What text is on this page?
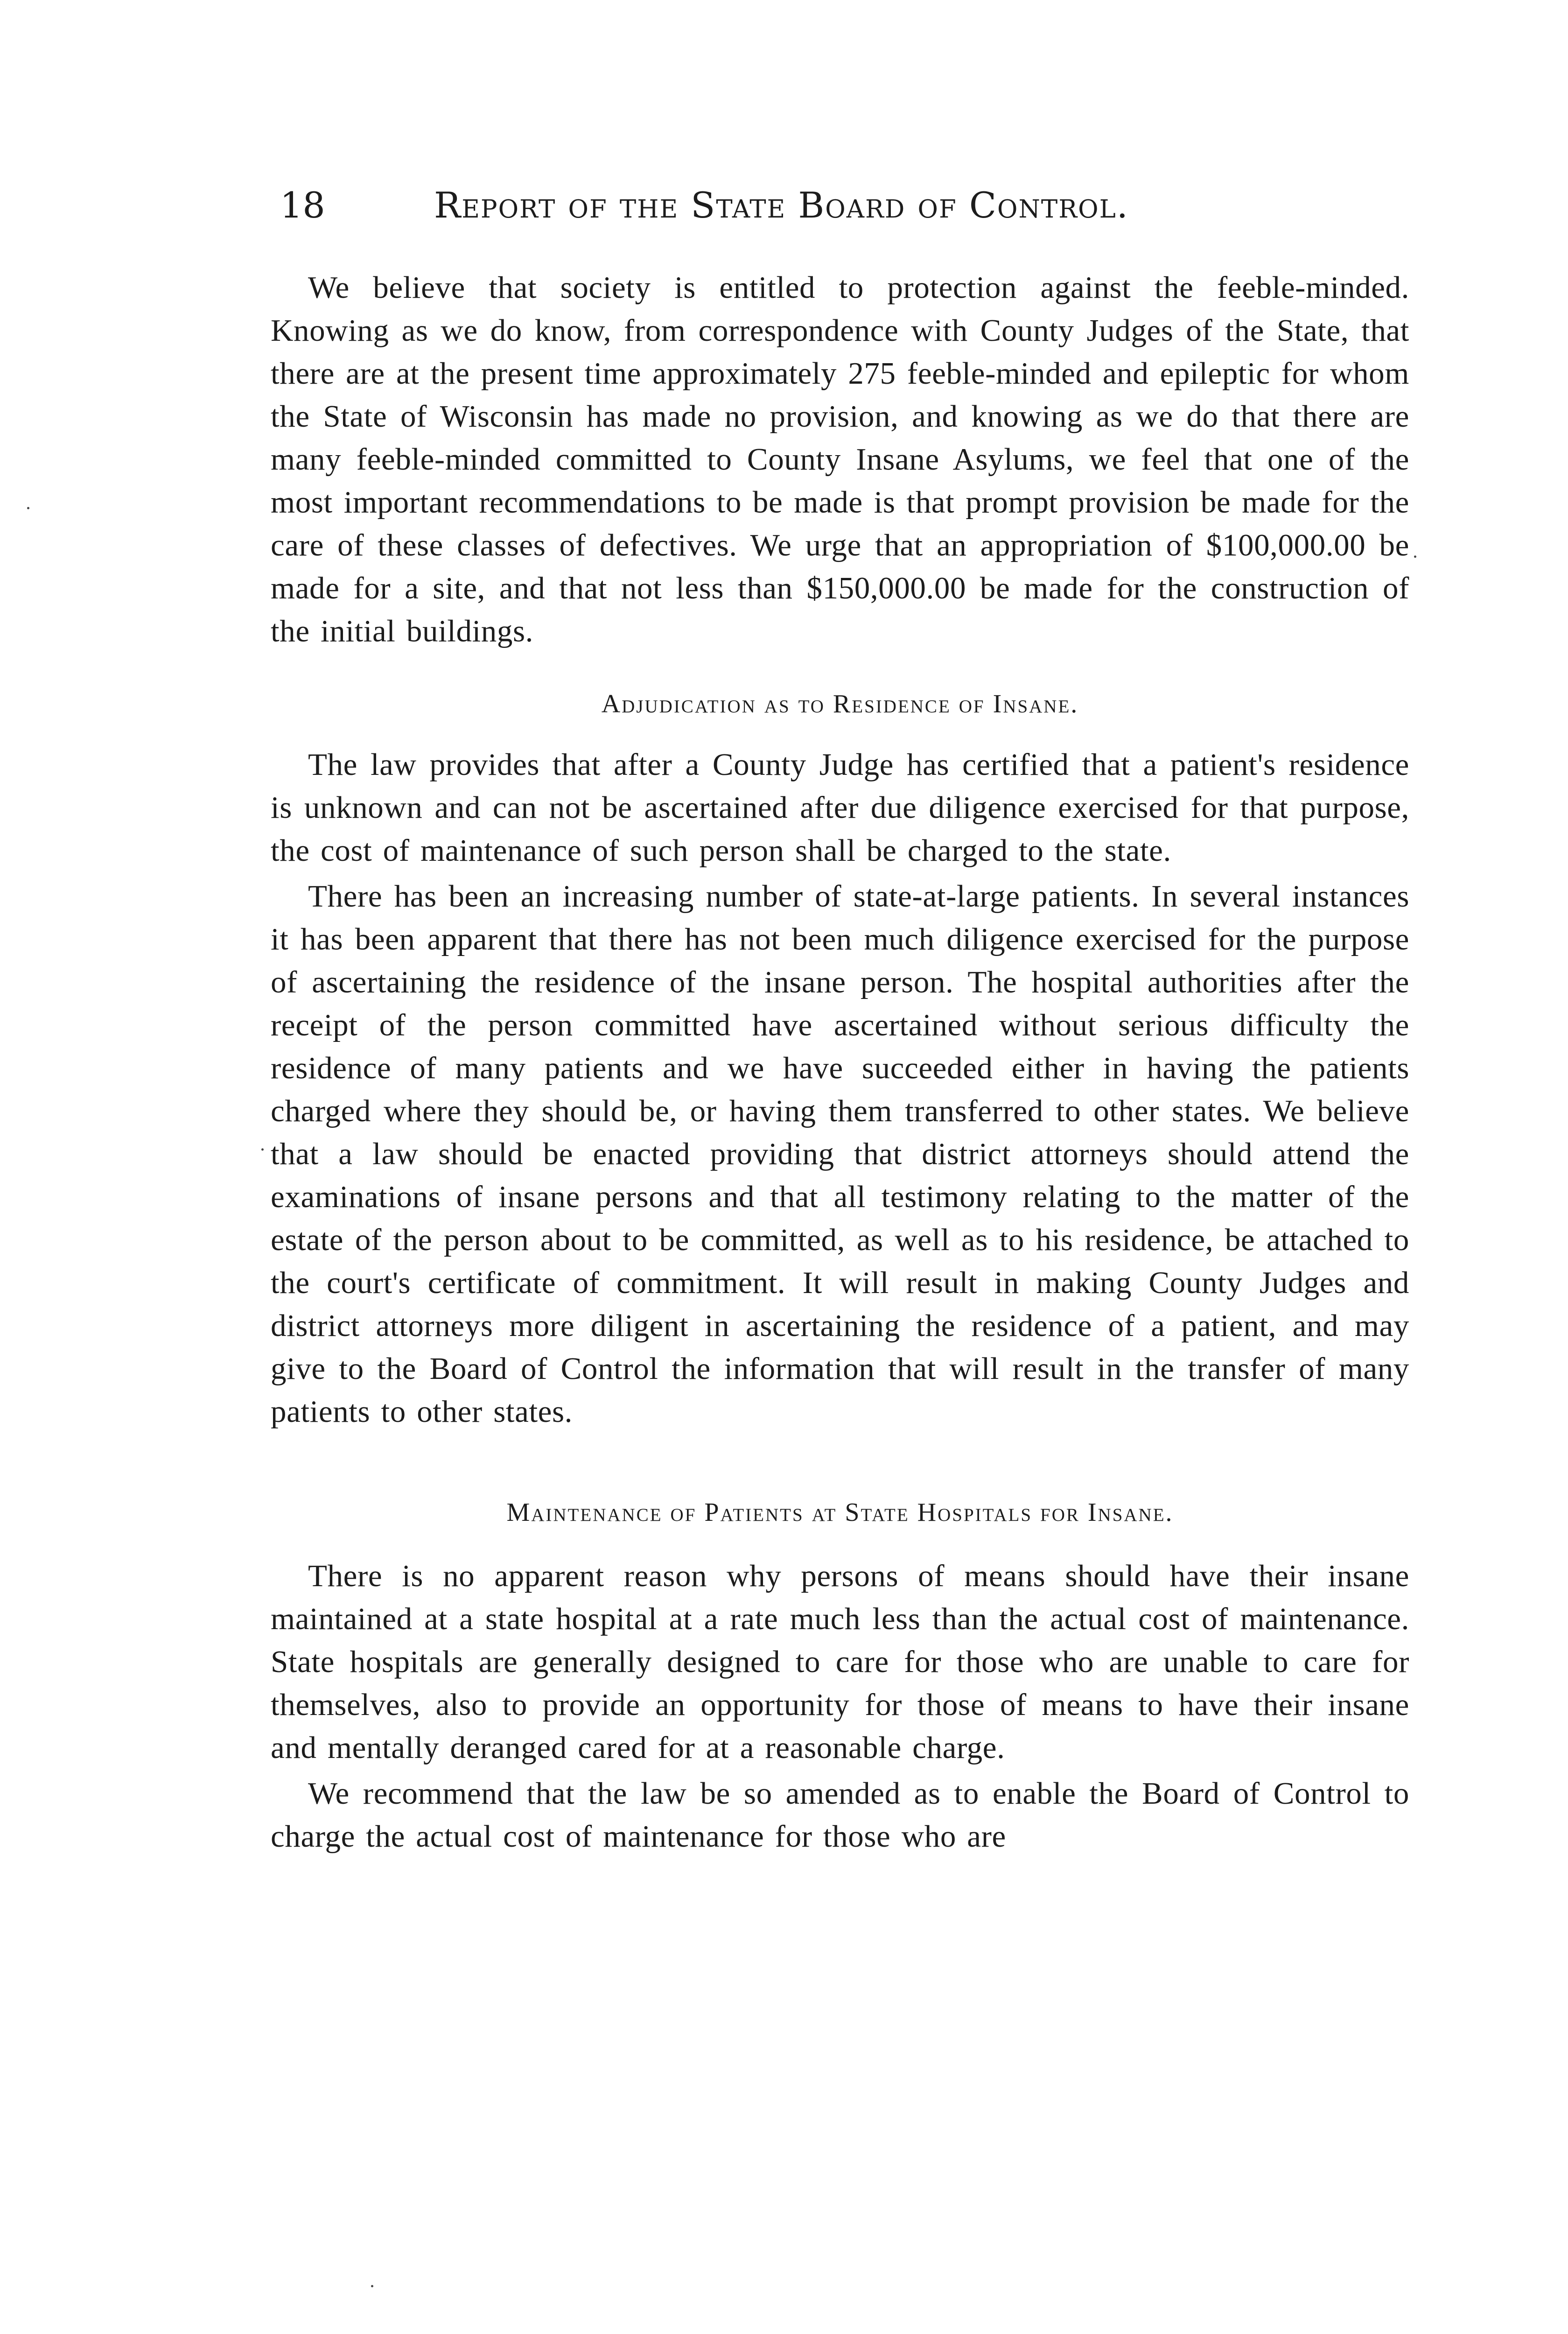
18	Report of the State Board of Control.

We believe that society is entitled to protection against the feeble-minded. Knowing as we do know, from correspondence with County Judges of the State, that there are at the present time approximately 275 feeble-minded and epileptic for whom the State of Wisconsin has made no provision, and knowing as we do that there are many feeble-minded committed to County Insane Asylums, we feel that one of the most important recommendations to be made is that prompt provision be made for the care of these classes of defectives. We urge that an appropriation of $100,000.00 be made for a site, and that not less than $150,000.00 be made for the construction of the initial buildings.

Adjudication as to Residence of Insane.

The law provides that after a County Judge has certified that a patient's residence is unknown and can not be ascertained after due diligence exercised for that purpose, the cost of maintenance of such person shall be charged to the state.

There has been an increasing number of state-at-large patients. In several instances it has been apparent that there has not been much diligence exercised for the purpose of ascertaining the residence of the insane person. The hospital authorities after the receipt of the person committed have ascertained without serious difficulty the residence of many patients and we have succeeded either in having the patients charged where they should be, or having them transferred to other states. We believe that a law should be enacted providing that district attorneys should attend the examinations of insane persons and that all testimony relating to the matter of the estate of the person about to be committed, as well as to his residence, be attached to the court's certificate of commitment. It will result in making County Judges and district attorneys more diligent in ascertaining the residence of a patient, and may give to the Board of Control the information that will result in the transfer of many patients to other states.

Maintenance of Patients at State Hospitals for Insane.

There is no apparent reason why persons of means should have their insane maintained at a state hospital at a rate much less than the actual cost of maintenance. State hospitals are generally designed to care for those who are unable to care for themselves, also to provide an opportunity for those of means to have their insane and mentally deranged cared for at a reasonable charge.

We recommend that the law be so amended as to enable the Board of Control to charge the actual cost of maintenance for those who are
